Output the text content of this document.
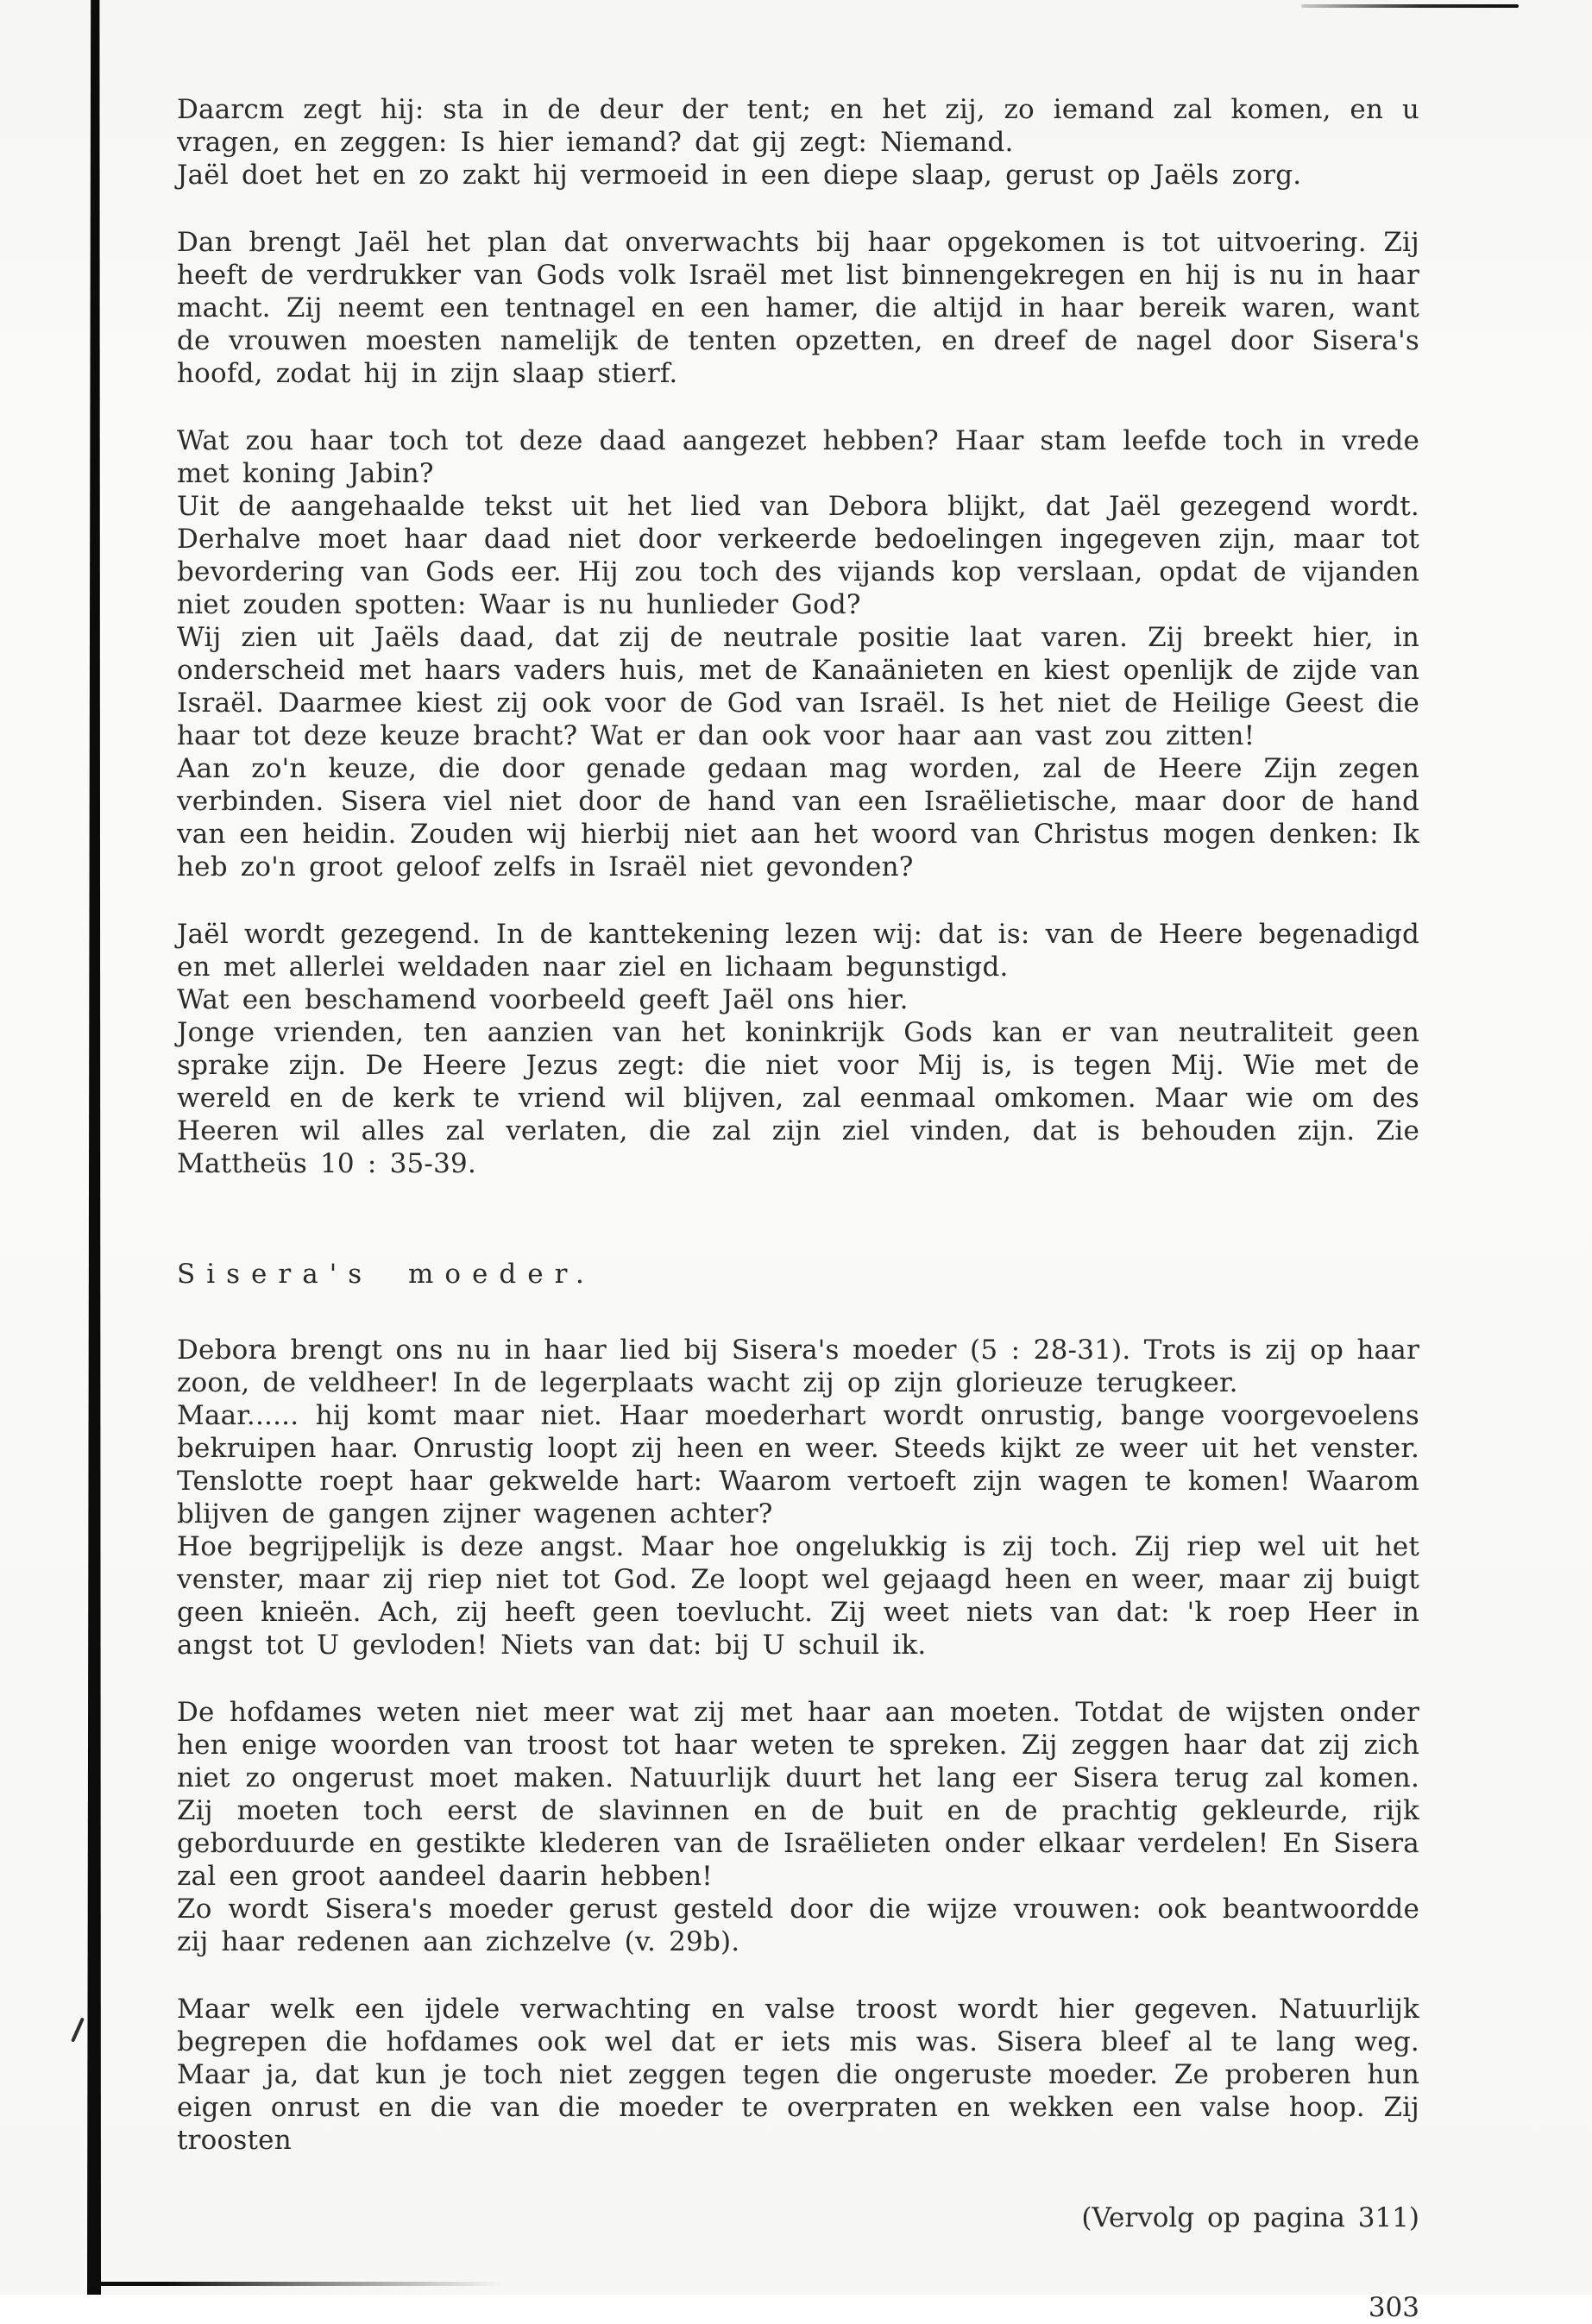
Daarcm zegt hij: sta in de deur der tent; en het zij, zo iemand zal komen, en u vragen, en zeggen: Is hier iemand? dat gij zegt: Niemand.

Jaël doet het en zo zakt hij vermoeid in een diepe slaap, gerust op Jaëls zorg.

Dan brengt Jaël het plan dat onverwachts bij haar opgekomen is tot uitvoering. Zij heeft de verdrukker van Gods volk Israël met list binnengekregen en hij is nu in haar macht. Zij neemt een tentnagel en een hamer, die altijd in haar bereik waren, want de vrouwen moesten namelijk de tenten opzetten, en dreef de nagel door Sisera's hoofd, zodat hij in zijn slaap stierf.

Wat zou haar toch tot deze daad aangezet hebben? Haar stam leefde toch in vrede met koning Jabin?

Uit de aangehaalde tekst uit het lied van Debora blijkt, dat Jaël gezegend wordt. Derhalve moet haar daad niet door verkeerde bedoelingen ingegeven zijn, maar tot bevordering van Gods eer. Hij zou toch des vijands kop verslaan, opdat de vijanden niet zouden spotten: Waar is nu hunlieder God?

Wij zien uit Jaëls daad, dat zij de neutrale positie laat varen. Zij breekt hier, in onderscheid met haars vaders huis, met de Kanaänieten en kiest openlijk de zijde van Israël. Daarmee kiest zij ook voor de God van Israël. Is het niet de Heilige Geest die haar tot deze keuze bracht? Wat er dan ook voor haar aan vast zou zitten!

Aan zo'n keuze, die door genade gedaan mag worden, zal de Heere Zijn zegen verbinden. Sisera viel niet door de hand van een Israëlietische, maar door de hand van een heidin. Zouden wij hierbij niet aan het woord van Christus mogen denken: Ik heb zo'n groot geloof zelfs in Israël niet gevonden?

Jaël wordt gezegend. In de kanttekening lezen wij: dat is: van de Heere begenadigd en met allerlei weldaden naar ziel en lichaam begunstigd.

Wat een beschamend voorbeeld geeft Jaël ons hier.

Jonge vrienden, ten aanzien van het koninkrijk Gods kan er van neutraliteit geen sprake zijn. De Heere Jezus zegt: die niet voor Mij is, is tegen Mij. Wie met de wereld en de kerk te vriend wil blijven, zal eenmaal omkomen. Maar wie om des Heeren wil alles zal verlaten, die zal zijn ziel vinden, dat is behouden zijn. Zie Mattheüs 10 : 35-39.

Sisera's moeder.

Debora brengt ons nu in haar lied bij Sisera's moeder (5 : 28-31). Trots is zij op haar zoon, de veldheer! In de legerplaats wacht zij op zijn glorieuze terugkeer.

Maar...... hij komt maar niet. Haar moederhart wordt onrustig, bange voorgevoelens bekruipen haar. Onrustig loopt zij heen en weer. Steeds kijkt ze weer uit het venster. Tenslotte roept haar gekwelde hart: Waarom vertoeft zijn wagen te komen! Waarom blijven de gangen zijner wagenen achter?

Hoe begrijpelijk is deze angst. Maar hoe ongelukkig is zij toch. Zij riep wel uit het venster, maar zij riep niet tot God. Ze loopt wel gejaagd heen en weer, maar zij buigt geen knieën. Ach, zij heeft geen toevlucht. Zij weet niets van dat: 'k roep Heer in angst tot U gevloden! Niets van dat: bij U schuil ik.

De hofdames weten niet meer wat zij met haar aan moeten. Totdat de wijsten onder hen enige woorden van troost tot haar weten te spreken. Zij zeggen haar dat zij zich niet zo ongerust moet maken. Natuurlijk duurt het lang eer Sisera terug zal komen. Zij moeten toch eerst de slavinnen en de buit en de prachtig gekleurde, rijk geborduurde en gestikte klederen van de Israëlieten onder elkaar verdelen! En Sisera zal een groot aandeel daarin hebben!

Zo wordt Sisera's moeder gerust gesteld door die wijze vrouwen: ook beantwoordde zij haar redenen aan zichzelve (v. 29b).

Maar welk een ijdele verwachting en valse troost wordt hier gegeven. Natuurlijk begrepen die hofdames ook wel dat er iets mis was. Sisera bleef al te lang weg. Maar ja, dat kun je toch niet zeggen tegen die ongeruste moeder. Ze proberen hun eigen onrust en die van die moeder te overpraten en wekken een valse hoop. Zij troosten

(Vervolg op pagina 311)

303
